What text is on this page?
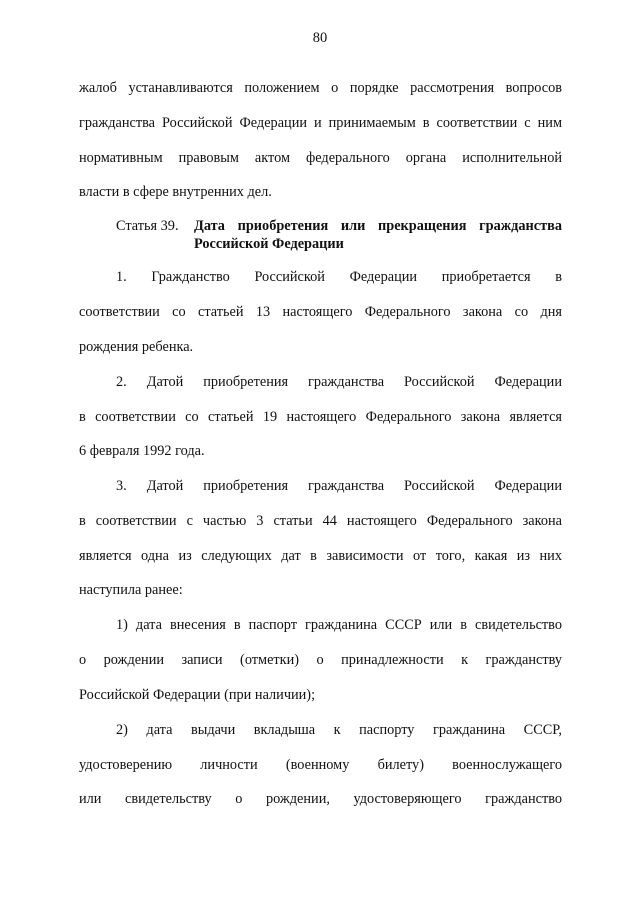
80
жалоб устанавливаются положением о порядке рассмотрения вопросов
гражданства Российской Федерации и принимаемым в соответствии с ним
нормативным правовым актом федерального органа исполнительной
власти в сфере внутренних дел.
Статья 39. Дата приобретения или прекращения гражданства
Российской Федерации
1. Гражданство Российской Федерации приобретается в
соответствии со статьей 13 настоящего Федерального закона со дня
рождения ребенка.
2. Датой приобретения гражданства Российской Федерации
в соответствии со статьей 19 настоящего Федерального закона является
6 февраля 1992 года.
3. Датой приобретения гражданства Российской Федерации
в соответствии с частью 3 статьи 44 настоящего Федерального закона
является одна из следующих дат в зависимости от того, какая из них
наступила ранее:
1) дата внесения в паспорт гражданина СССР или в свидетельство
о рождении записи (отметки) о принадлежности к гражданству
Российской Федерации (при наличии);
2) дата выдачи вкладыша к паспорту гражданина СССР,
удостоверению личности (военному билету) военнослужащего
или свидетельству о рождении, удостоверяющего гражданство
